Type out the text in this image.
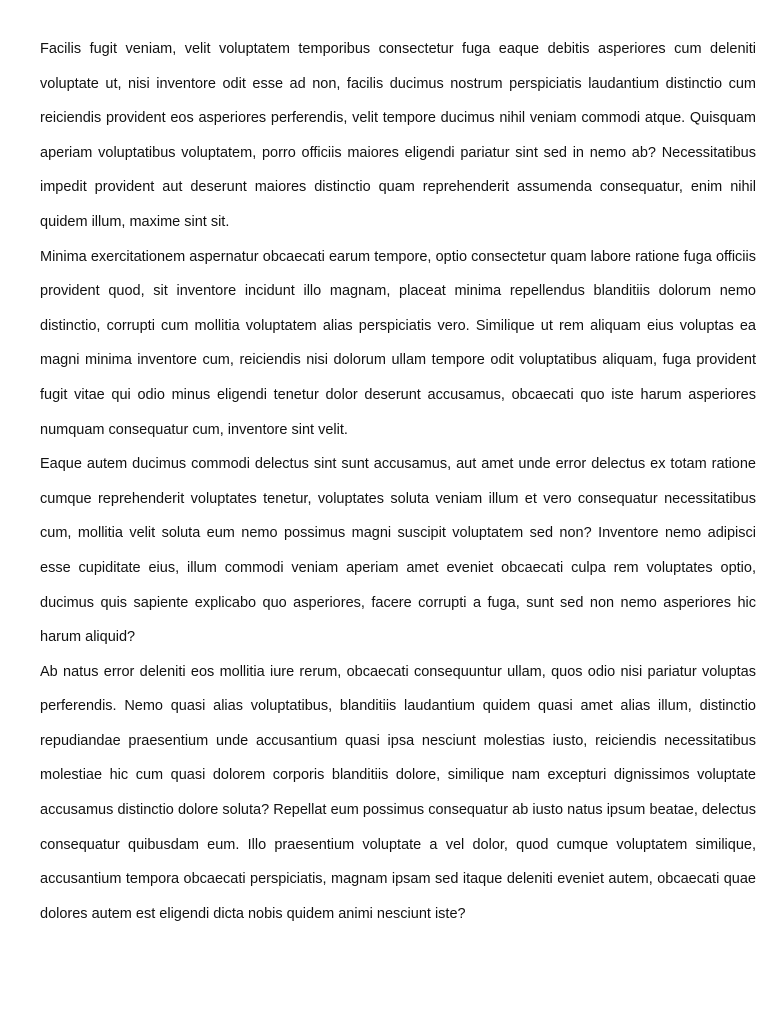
Facilis fugit veniam, velit voluptatem temporibus consectetur fuga eaque debitis asperiores cum deleniti voluptate ut, nisi inventore odit esse ad non, facilis ducimus nostrum perspiciatis laudantium distinctio cum reiciendis provident eos asperiores perferendis, velit tempore ducimus nihil veniam commodi atque. Quisquam aperiam voluptatibus voluptatem, porro officiis maiores eligendi pariatur sint sed in nemo ab? Necessitatibus impedit provident aut deserunt maiores distinctio quam reprehenderit assumenda consequatur, enim nihil quidem illum, maxime sint sit.

Minima exercitationem aspernatur obcaecati earum tempore, optio consectetur quam labore ratione fuga officiis provident quod, sit inventore incidunt illo magnam, placeat minima repellendus blanditiis dolorum nemo distinctio, corrupti cum mollitia voluptatem alias perspiciatis vero. Similique ut rem aliquam eius voluptas ea magni minima inventore cum, reiciendis nisi dolorum ullam tempore odit voluptatibus aliquam, fuga provident fugit vitae qui odio minus eligendi tenetur dolor deserunt accusamus, obcaecati quo iste harum asperiores numquam consequatur cum, inventore sint velit.

Eaque autem ducimus commodi delectus sint sunt accusamus, aut amet unde error delectus ex totam ratione cumque reprehenderit voluptates tenetur, voluptates soluta veniam illum et vero consequatur necessitatibus cum, mollitia velit soluta eum nemo possimus magni suscipit voluptatem sed non? Inventore nemo adipisci esse cupiditate eius, illum commodi veniam aperiam amet eveniet obcaecati culpa rem voluptates optio, ducimus quis sapiente explicabo quo asperiores, facere corrupti a fuga, sunt sed non nemo asperiores hic harum aliquid?

Ab natus error deleniti eos mollitia iure rerum, obcaecati consequuntur ullam, quos odio nisi pariatur voluptas perferendis. Nemo quasi alias voluptatibus, blanditiis laudantium quidem quasi amet alias illum, distinctio repudiandae praesentium unde accusantium quasi ipsa nesciunt molestias iusto, reiciendis necessitatibus molestiae hic cum quasi dolorem corporis blanditiis dolore, similique nam excepturi dignissimos voluptate accusamus distinctio dolore soluta? Repellat eum possimus consequatur ab iusto natus ipsum beatae, delectus consequatur quibusdam eum. Illo praesentium voluptate a vel dolor, quod cumque voluptatem similique, accusantium tempora obcaecati perspiciatis, magnam ipsam sed itaque deleniti eveniet autem, obcaecati quae dolores autem est eligendi dicta nobis quidem animi nesciunt iste?
